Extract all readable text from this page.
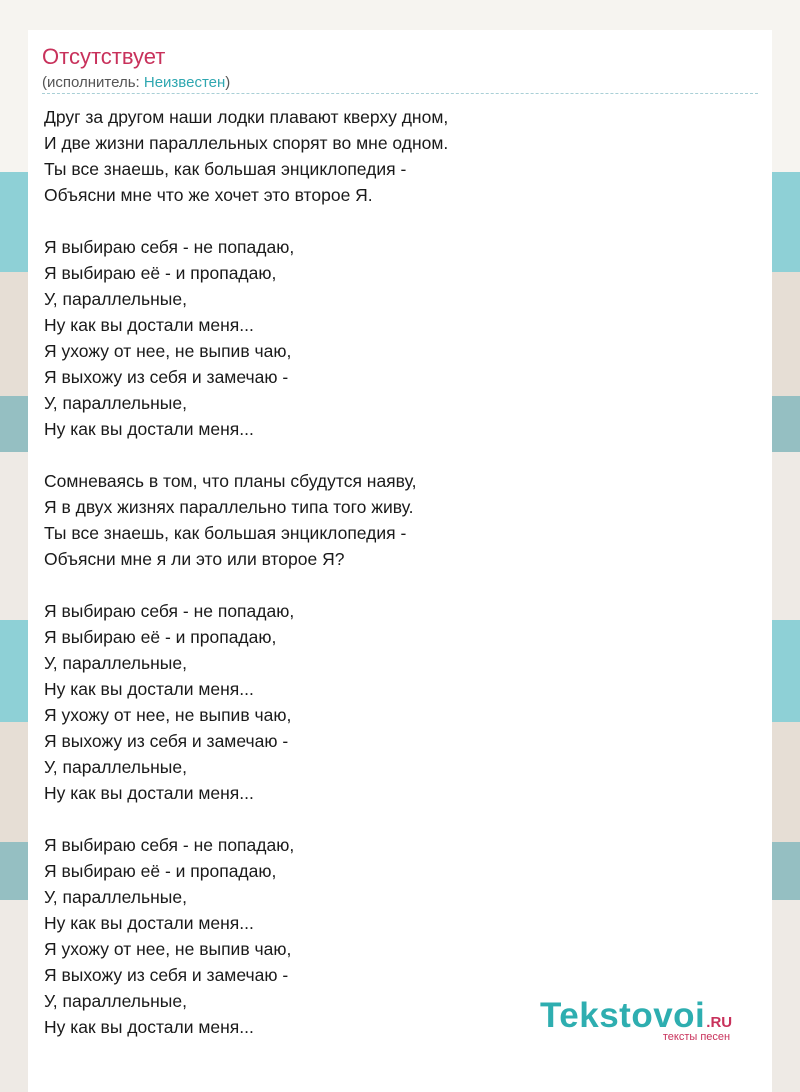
Отсутствует
(исполнитель: Неизвестен)
Друг за другом наши лодки плавают кверху дном,
И две жизни параллельных спорят во мне одном.
Ты все знаешь, как большая энциклопедия -
Объясни мне что же хочет это второе Я.
Я выбираю себя - не попадаю,
Я выбираю её - и пропадаю,
У, параллельные,
Ну как вы достали меня...
Я ухожу от нее, не выпив чаю,
Я выхожу из себя и замечаю -
У, параллельные,
Ну как вы достали меня...
Сомневаясь в том, что планы сбудутся наяву,
Я в двух жизнях параллельно типа того живу.
Ты все знаешь, как большая энциклопедия -
Объясни мне я ли это или второе Я?
Я выбираю себя - не попадаю,
Я выбираю её - и пропадаю,
У, параллельные,
Ну как вы достали меня...
Я ухожу от нее, не выпив чаю,
Я выхожу из себя и замечаю -
У, параллельные,
Ну как вы достали меня...
Я выбираю себя - не попадаю,
Я выбираю её - и пропадаю,
У, параллельные,
Ну как вы достали меня...
Я ухожу от нее, не выпив чаю,
Я выхожу из себя и замечаю -
У, параллельные,
Ну как вы достали меня...	Tekstovoi .RU
тексты песен
